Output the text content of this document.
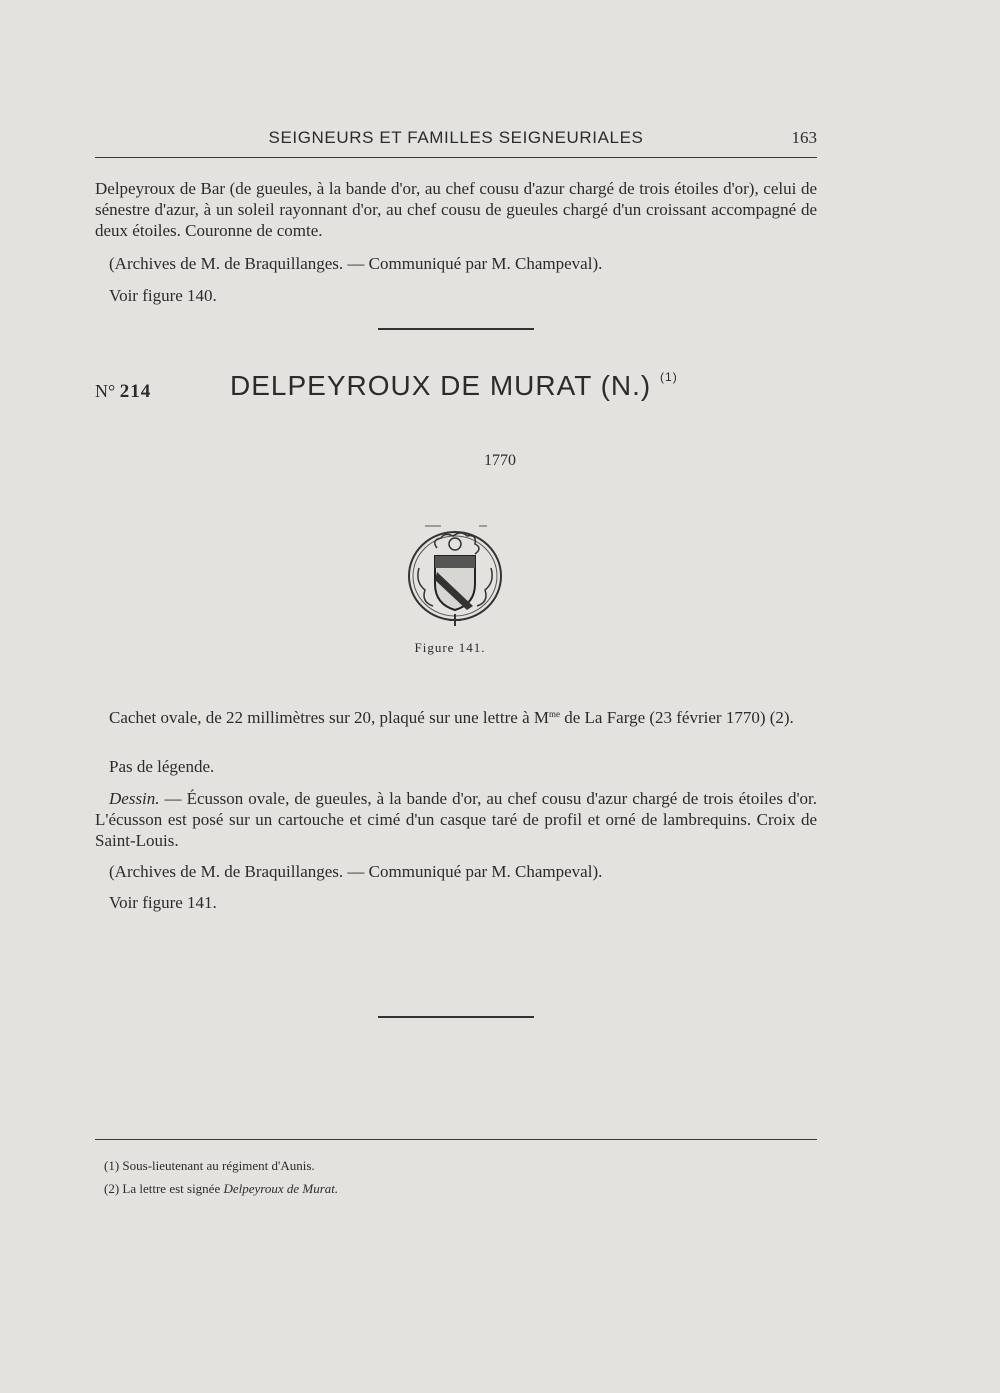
SEIGNEURS ET FAMILLES SEIGNEURIALES	163
Delpeyroux de Bar (de gueules, à la bande d'or, au chef cousu d'azur chargé de trois étoiles d'or), celui de sénestre d'azur, à un soleil rayonnant d'or, au chef cousu de gueules chargé d'un croissant accompagné de deux étoiles. Couronne de comte.
(Archives de M. de Braquillanges. — Communiqué par M. Champeval).
Voir figure 140.
N° 214	DELPEYROUX DE MURAT (N.) $^{(1)}$
1770
Figure 141.
Cachet ovale, de 22 millimètres sur 20, plaqué sur une lettre à $M^{me}$ de La Farge (23 février 1770) (2).
Pas de légende.
Dessin. — Écusson ovale, de gueules, à la bande d'or, au chef cousu d'azur chargé de trois étoiles d'or. L'écusson est posé sur un cartouche et cimé d'un casque taré de profil et orné de lambrequins. Croix de Saint-Louis.
(Archives de M. de Braquillanges. — Communiqué par M. Champeval).
Voir figure 141.
(1) Sous-lieutenant au régiment d'Aunis.
(2) La lettre est signée Delpeyroux de Murat.
